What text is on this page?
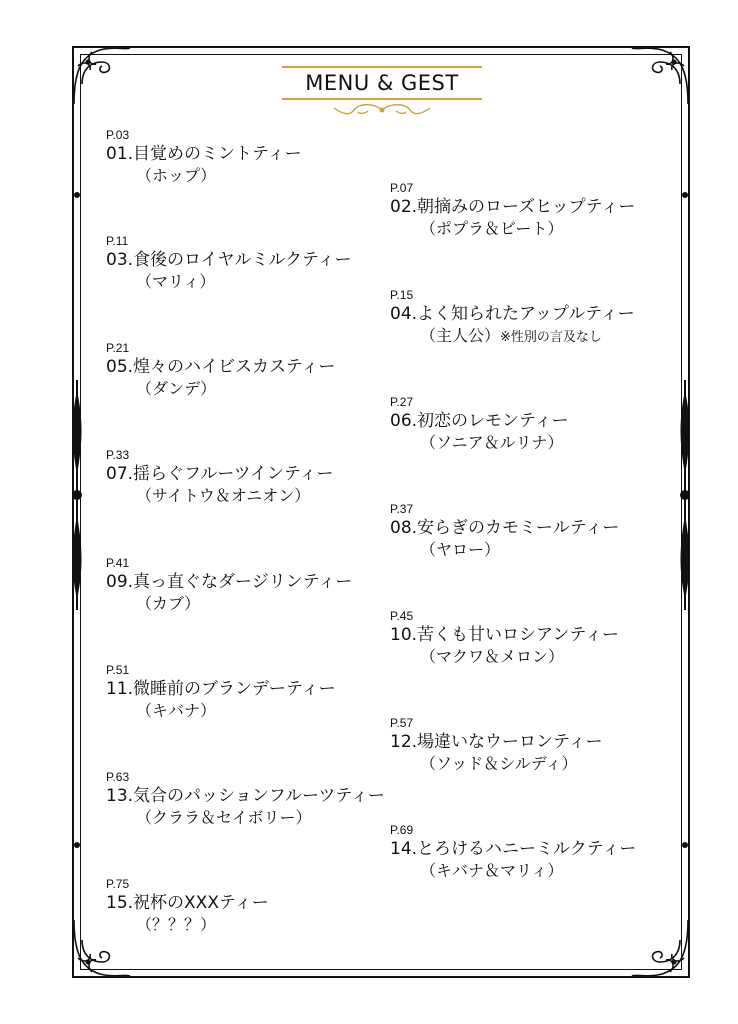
MENU & GEST
P.03
01.目覚めのミントティー
（ホップ）
P.07
02.朝摘みのローズヒップティー
（ポプラ＆ビート）
P.11
03.食後のロイヤルミルクティー
（マリィ）
P.15
04.よく知られたアップルティー
（主人公）※性別の言及なし
P.21
05.煌々のハイビスカスティー
（ダンデ）
P.27
06.初恋のレモンティー
（ソニア＆ルリナ）
P.33
07.揺らぐフルーツインティー
（サイトウ＆オニオン）
P.37
08.安らぎのカモミールティー
（ヤロー）
P.41
09.真っ直ぐなダージリンティー
（カブ）
P.45
10.苦くも甘いロシアンティー
（マクワ＆メロン）
P.51
11.微睡前のブランデーティー
（キバナ）
P.57
12.場違いなウーロンティー
（ソッド＆シルディ）
P.63
13.気合のパッションフルーツティー
（クララ＆セイボリー）
P.69
14.とろけるハニーミルクティー
（キバナ＆マリィ）
P.75
15.祝杯のXXXティー
（？？？）
